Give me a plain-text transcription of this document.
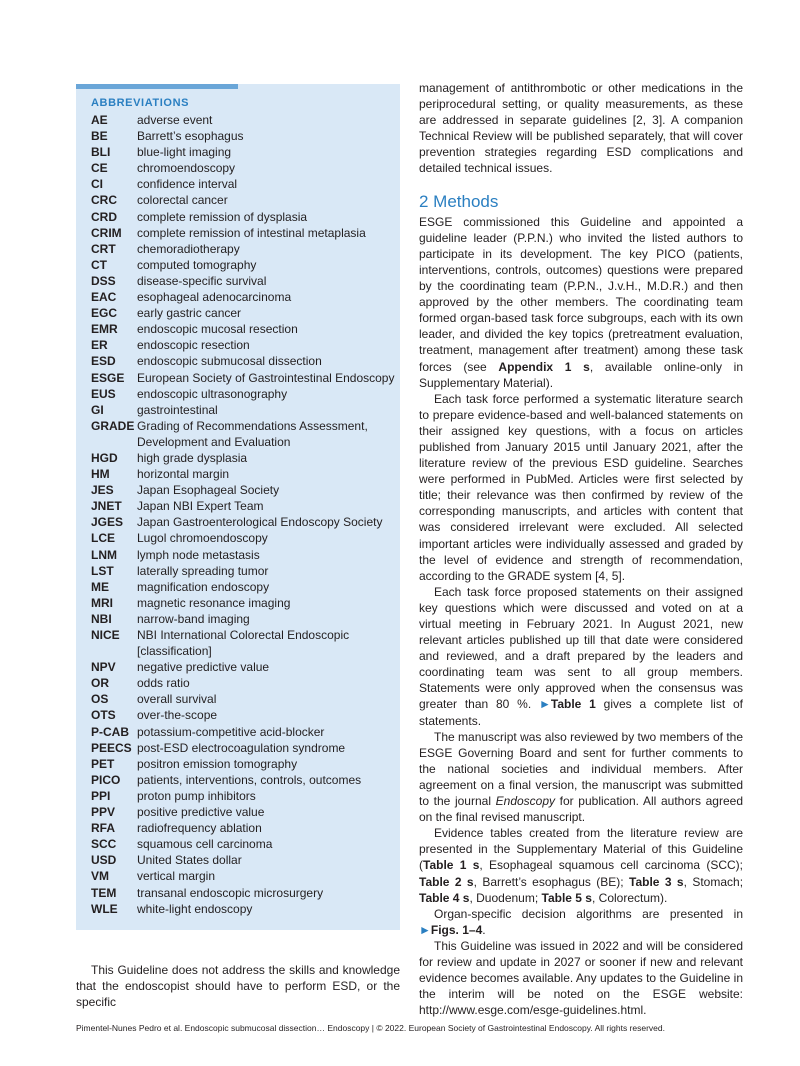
ABBREVIATIONS
AE	adverse event
BE	Barrett’s esophagus
BLI	blue-light imaging
CE	chromoendoscopy
CI	confidence interval
CRC	colorectal cancer
CRD	complete remission of dysplasia
CRIM	complete remission of intestinal metaplasia
CRT	chemoradiotherapy
CT	computed tomography
DSS	disease-specific survival
EAC	esophageal adenocarcinoma
EGC	early gastric cancer
EMR	endoscopic mucosal resection
ER	endoscopic resection
ESD	endoscopic submucosal dissection
ESGE	European Society of Gastrointestinal Endoscopy
EUS	endoscopic ultrasonography
GI	gastrointestinal
GRADE Grading of Recommendations Assessment,
Development and Evaluation
HGD	high grade dysplasia
HM	horizontal margin
JES	Japan Esophageal Society
JNET	Japan NBI Expert Team
JGES	Japan Gastroenterological Endoscopy Society
LCE	Lugol chromoendoscopy
LNM	lymph node metastasis
LST	laterally spreading tumor
ME	magnification endoscopy
MRI	magnetic resonance imaging
NBI	narrow-band imaging
NICE	NBI International Colorectal Endoscopic
[classification]
NPV	negative predictive value
OR	odds ratio
OS	overall survival
OTS	over-the-scope
P-CAB potassium-competitive acid-blocker
PEECS post-ESD electrocoagulation syndrome
PET	positron emission tomography
PICO	patients, interventions, controls, outcomes
PPI	proton pump inhibitors
PPV	positive predictive value
RFA	radiofrequency ablation
SCC	squamous cell carcinoma
USD	United States dollar
VM	vertical margin
TEM	transanal endoscopic microsurgery
WLE	white-light endoscopy
This Guideline does not address the skills and knowledge that the endoscopist should have to perform ESD, or the specific

management of antithrombotic or other medications in the periprocedural setting, or quality measurements, as these are addressed in separate guidelines [2, 3]. A companion Technical Review will be published separately, that will cover prevention strategies regarding ESD complications and detailed technical issues.

2 Methods

ESGE commissioned this Guideline and appointed a guideline leader (P.P.N.) who invited the listed authors to participate in its development. The key PICO (patients, interventions, controls, outcomes) questions were prepared by the coordinating team (P.P.N., J.v.H., M.D.R.) and then approved by the other members. The coordinating team formed organ-based task force subgroups, each with its own leader, and divided the key topics (pretreatment evaluation, treatment, management after treatment) among these task forces (see Appendix 1 s, available online-only in Supplementary Material).

Each task force performed a systematic literature search to prepare evidence-based and well-balanced statements on their assigned key questions, with a focus on articles published from January 2015 until January 2021, after the literature review of the previous ESD guideline. Searches were performed in PubMed. Articles were first selected by title; their relevance was then confirmed by review of the corresponding manuscripts, and articles with content that was considered irrelevant were excluded. All selected important articles were individually assessed and graded by the level of evidence and strength of recommendation, according to the GRADE system [4, 5].

Each task force proposed statements on their assigned key questions which were discussed and voted on at a virtual meeting in February 2021. In August 2021, new relevant articles published up till that date were considered and reviewed, and a draft prepared by the leaders and coordinating team was sent to all group members. Statements were only approved when the consensus was greater than 80 %. ►Table 1 gives a complete list of statements.

The manuscript was also reviewed by two members of the ESGE Governing Board and sent for further comments to the national societies and individual members. After agreement on a final version, the manuscript was submitted to the journal Endoscopy for publication. All authors agreed on the final revised manuscript.

Evidence tables created from the literature review are presented in the Supplementary Material of this Guideline (Table 1 s, Esophageal squamous cell carcinoma (SCC); Table 2 s, Barrett’s esophagus (BE); Table 3 s, Stomach; Table 4 s, Duodenum; Table 5 s, Colorectum).

Organ-specific decision algorithms are presented in ►Figs. 1–4.

This Guideline was issued in 2022 and will be considered for review and update in 2027 or sooner if new and relevant evidence becomes available. Any updates to the Guideline in the interim will be noted on the ESGE website: http://www.esge.com/esge-guidelines.html.

Pimentel-Nunes Pedro et al. Endoscopic submucosal dissection… Endoscopy | © 2022. European Society of Gastrointestinal Endoscopy. All rights reserved.
